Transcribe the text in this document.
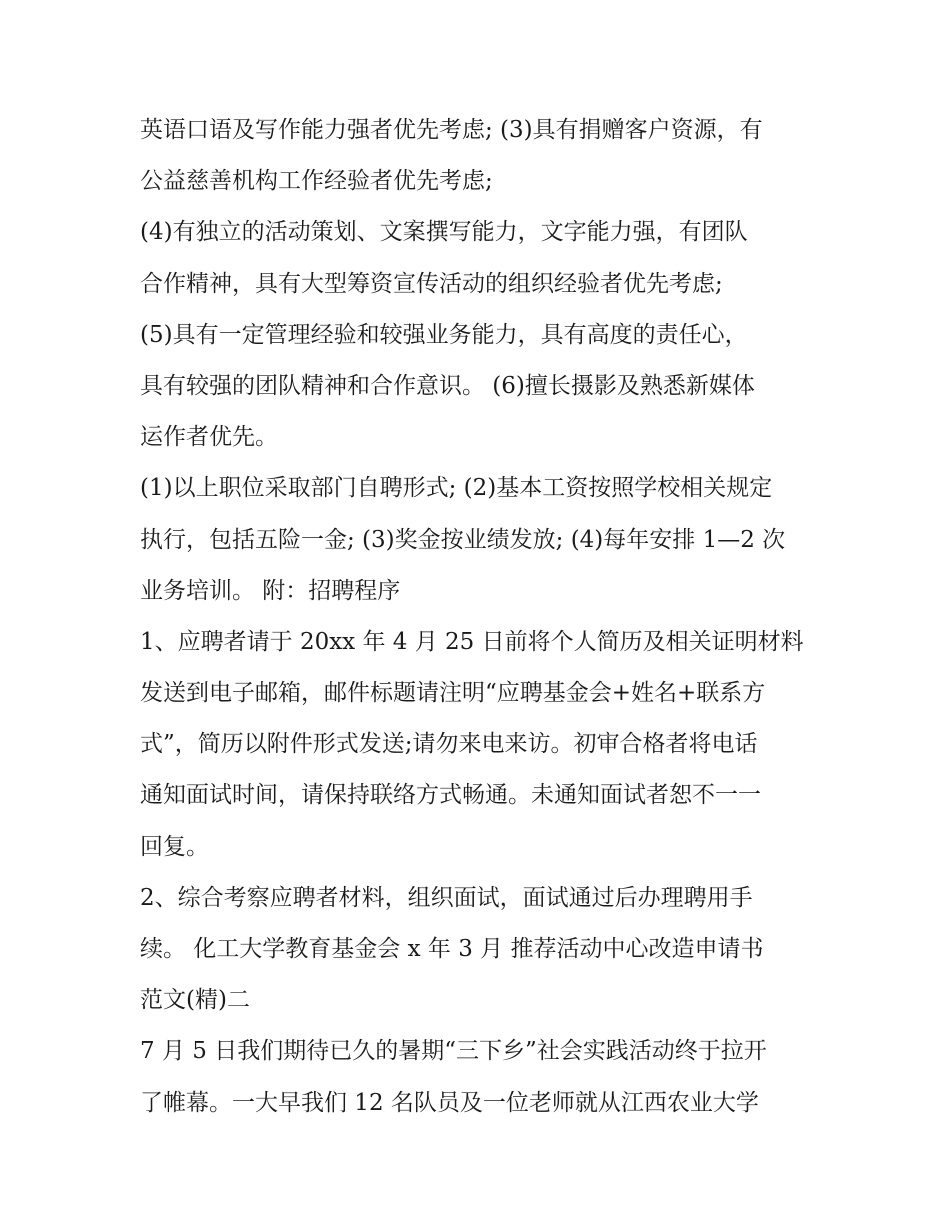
英语口语及写作能力强者优先考虑; (3)具有捐赠客户资源，有
公益慈善机构工作经验者优先考虑;
(4)有独立的活动策划、文案撰写能力，文字能力强，有团队
合作精神，具有大型筹资宣传活动的组织经验者优先考虑;
(5)具有一定管理经验和较强业务能力，具有高度的责任心，
具有较强的团队精神和合作意识。 (6)擅长摄影及熟悉新媒体
运作者优先。
(1)以上职位采取部门自聘形式; (2)基本工资按照学校相关规定
执行，包括五险一金; (3)奖金按业绩发放; (4)每年安排 1—2 次
业务培训。 附：招聘程序
1、应聘者请于 20xx 年 4 月 25 日前将个人简历及相关证明材料
发送到电子邮箱，邮件标题请注明“应聘基金会+姓名+联系方
式”，简历以附件形式发送;请勿来电来访。初审合格者将电话
通知面试时间，请保持联络方式畅通。未通知面试者恕不一一
回复。
2、综合考察应聘者材料，组织面试，面试通过后办理聘用手
续。 化工大学教育基金会 x 年 3 月 推荐活动中心改造申请书
范文(精)二
7 月 5 日我们期待已久的暑期“三下乡”社会实践活动终于拉开
了帷幕。一大早我们 12 名队员及一位老师就从江西农业大学
